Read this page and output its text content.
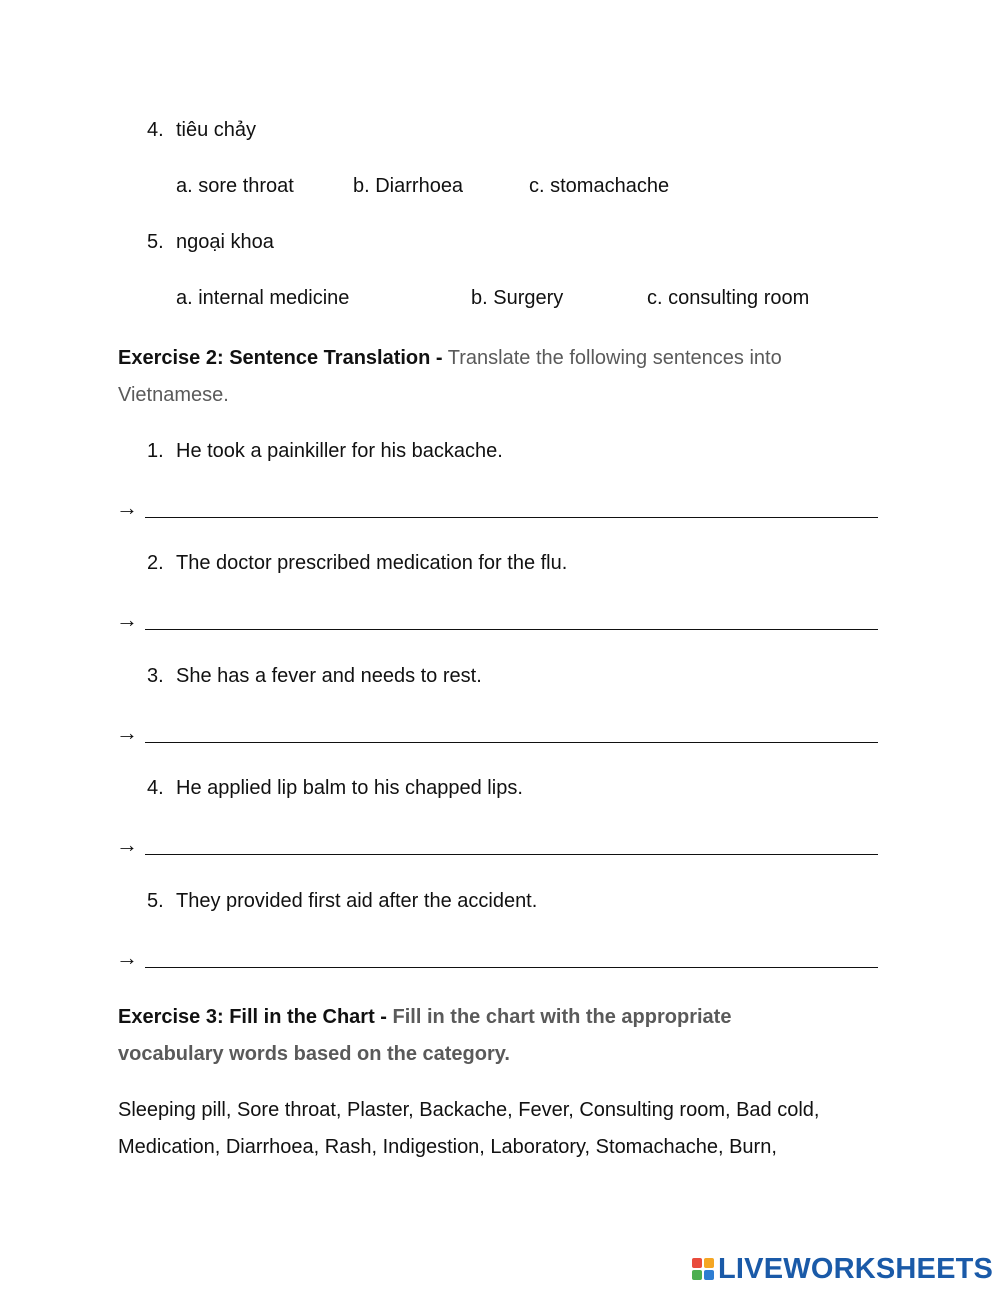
4. tiêu chảy
a. sore throat	b. Diarrhoea	c. stomachache
5. ngoại khoa
a. internal medicine	b. Surgery	c. consulting room
Exercise 2: Sentence Translation - Translate the following sentences into
Vietnamese.
1. He took a painkiller for his backache.
→
2. The doctor prescribed medication for the flu.
→
3. She has a fever and needs to rest.
→
4. He applied lip balm to his chapped lips.
→
5. They provided first aid after the accident.
→
Exercise 3: Fill in the Chart - Fill in the chart with the appropriate
vocabulary words based on the category.
Sleeping pill, Sore throat, Plaster, Backache, Fever, Consulting room, Bad cold,
Medication, Diarrhoea, Rash, Indigestion, Laboratory, Stomachache, Burn,
LIVEWORKSHEETS
